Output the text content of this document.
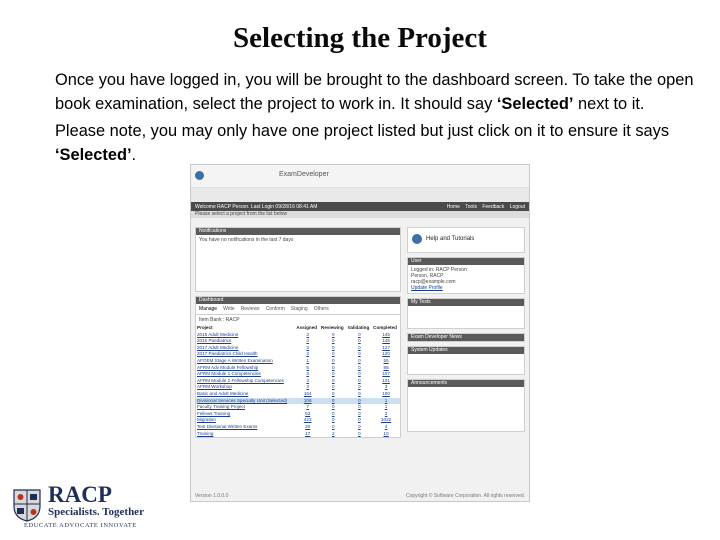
Selecting the Project

Once you have logged in, you will be brought to the dashboard screen. To take the open book examination, select the project to work in. It should say ‘Selected’ next to it.

Please note, you may only have one project listed but just click on it to ensure it says ‘Selected’.

ExamDeveloper
Welcome RACP Person. Last Login 09/28/16 08:41 AM	Home Tools Feedback Logout
Please select a project from the list below
Notifications
You have no notifications in the last 7 days
Dashboard
Manage Write Reviews Conform Staging Others
Item Bank : RACP
Project	Assigned	Reviewing	Validating	Completed
2015 Adult Medicine	3	0	0	145
2015 Paediatrics	3	0	0	145
2017 Adult Medicine	3	0	0	127
2017 Paediatrics Child Health	3	0	0	120
AFOEM Stage A Written Examination	1	0	0	55
AFRM Adv Module Fellowship	5	0	0	88
AFRM Module 1 Competencies	3	0	0	107
AFRM Module 2 Fellowship Competencies	3	0	0	101
AFRM Workshop	3	0	0	3
Basic and Adult Medicine	164	0	0	100
Divisional Services Specialty Unit (Selected)	106	0	0	1
Faculty Training Project	7	0	0	1
Fellows Training	53	0	0	3
Migration	423	0	0	1022
Test Divisional Written Exams	20	0	0	4
Training	17	2	0	10
Help and Tutorials
User
Logged in: RACP Person
Person, RACP
racp@example.com
Update Profile
My Tests
Exam Developer News
System Updates
Announcements
Version 1.0.0.0	Copyright © Software Corporation. All rights reserved.
RACP
Specialists. Together
EDUCATE ADVOCATE INNOVATE
